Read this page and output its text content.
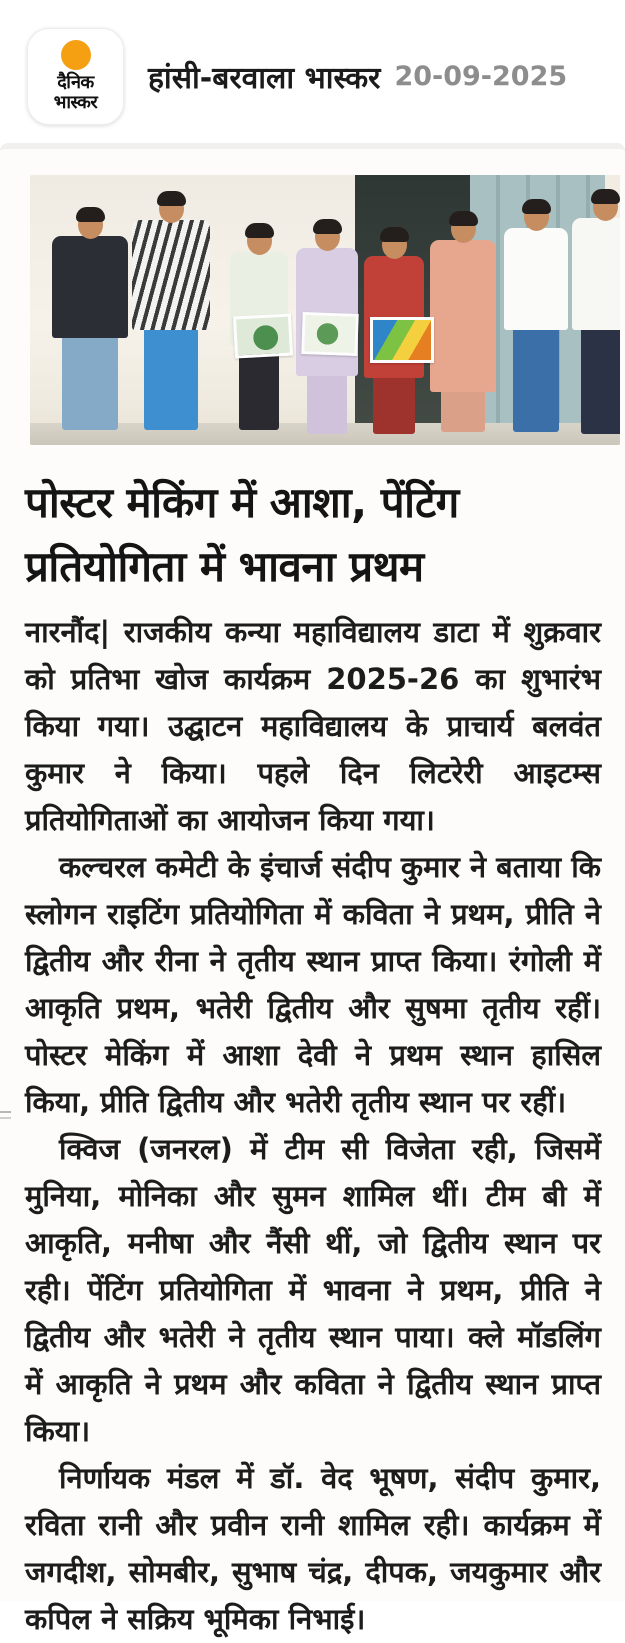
दैनिक
भास्कर
हांसी-बरवाला भास्कर 20-09-2025
पोस्टर मेकिंग में आशा, पेंटिंग
प्रतियोगिता में भावना प्रथम

नारनौंद| राजकीय कन्या महाविद्यालय डाटा में शुक्रवार को प्रतिभा खोज कार्यक्रम 2025-26 का शुभारंभ किया गया। उद्घाटन महाविद्यालय के प्राचार्य बलवंत कुमार ने किया। पहले दिन लिटरेरी आइटम्स प्रतियोगिताओं का आयोजन किया गया।

कल्चरल कमेटी के इंचार्ज संदीप कुमार ने बताया कि स्लोगन राइटिंग प्रतियोगिता में कविता ने प्रथम, प्रीति ने द्वितीय और रीना ने तृतीय स्थान प्राप्त किया। रंगोली में आकृति प्रथम, भतेरी द्वितीय और सुषमा तृतीय रहीं। पोस्टर मेकिंग में आशा देवी ने प्रथम स्थान हासिल किया, प्रीति द्वितीय और भतेरी तृतीय स्थान पर रहीं।

क्विज (जनरल) में टीम सी विजेता रही, जिसमें मुनिया, मोनिका और सुमन शामिल थीं। टीम बी में आकृति, मनीषा और नैंसी थीं, जो द्वितीय स्थान पर रही। पेंटिंग प्रतियोगिता में भावना ने प्रथम, प्रीति ने द्वितीय और भतेरी ने तृतीय स्थान पाया। क्ले मॉडलिंग में आकृति ने प्रथम और कविता ने द्वितीय स्थान प्राप्त किया।

निर्णायक मंडल में डॉ. वेद भूषण, संदीप कुमार, रविता रानी और प्रवीन रानी शामिल रही। कार्यक्रम में जगदीश, सोमबीर, सुभाष चंद्र, दीपक, जयकुमार और कपिल ने सक्रिय भूमिका निभाई।
